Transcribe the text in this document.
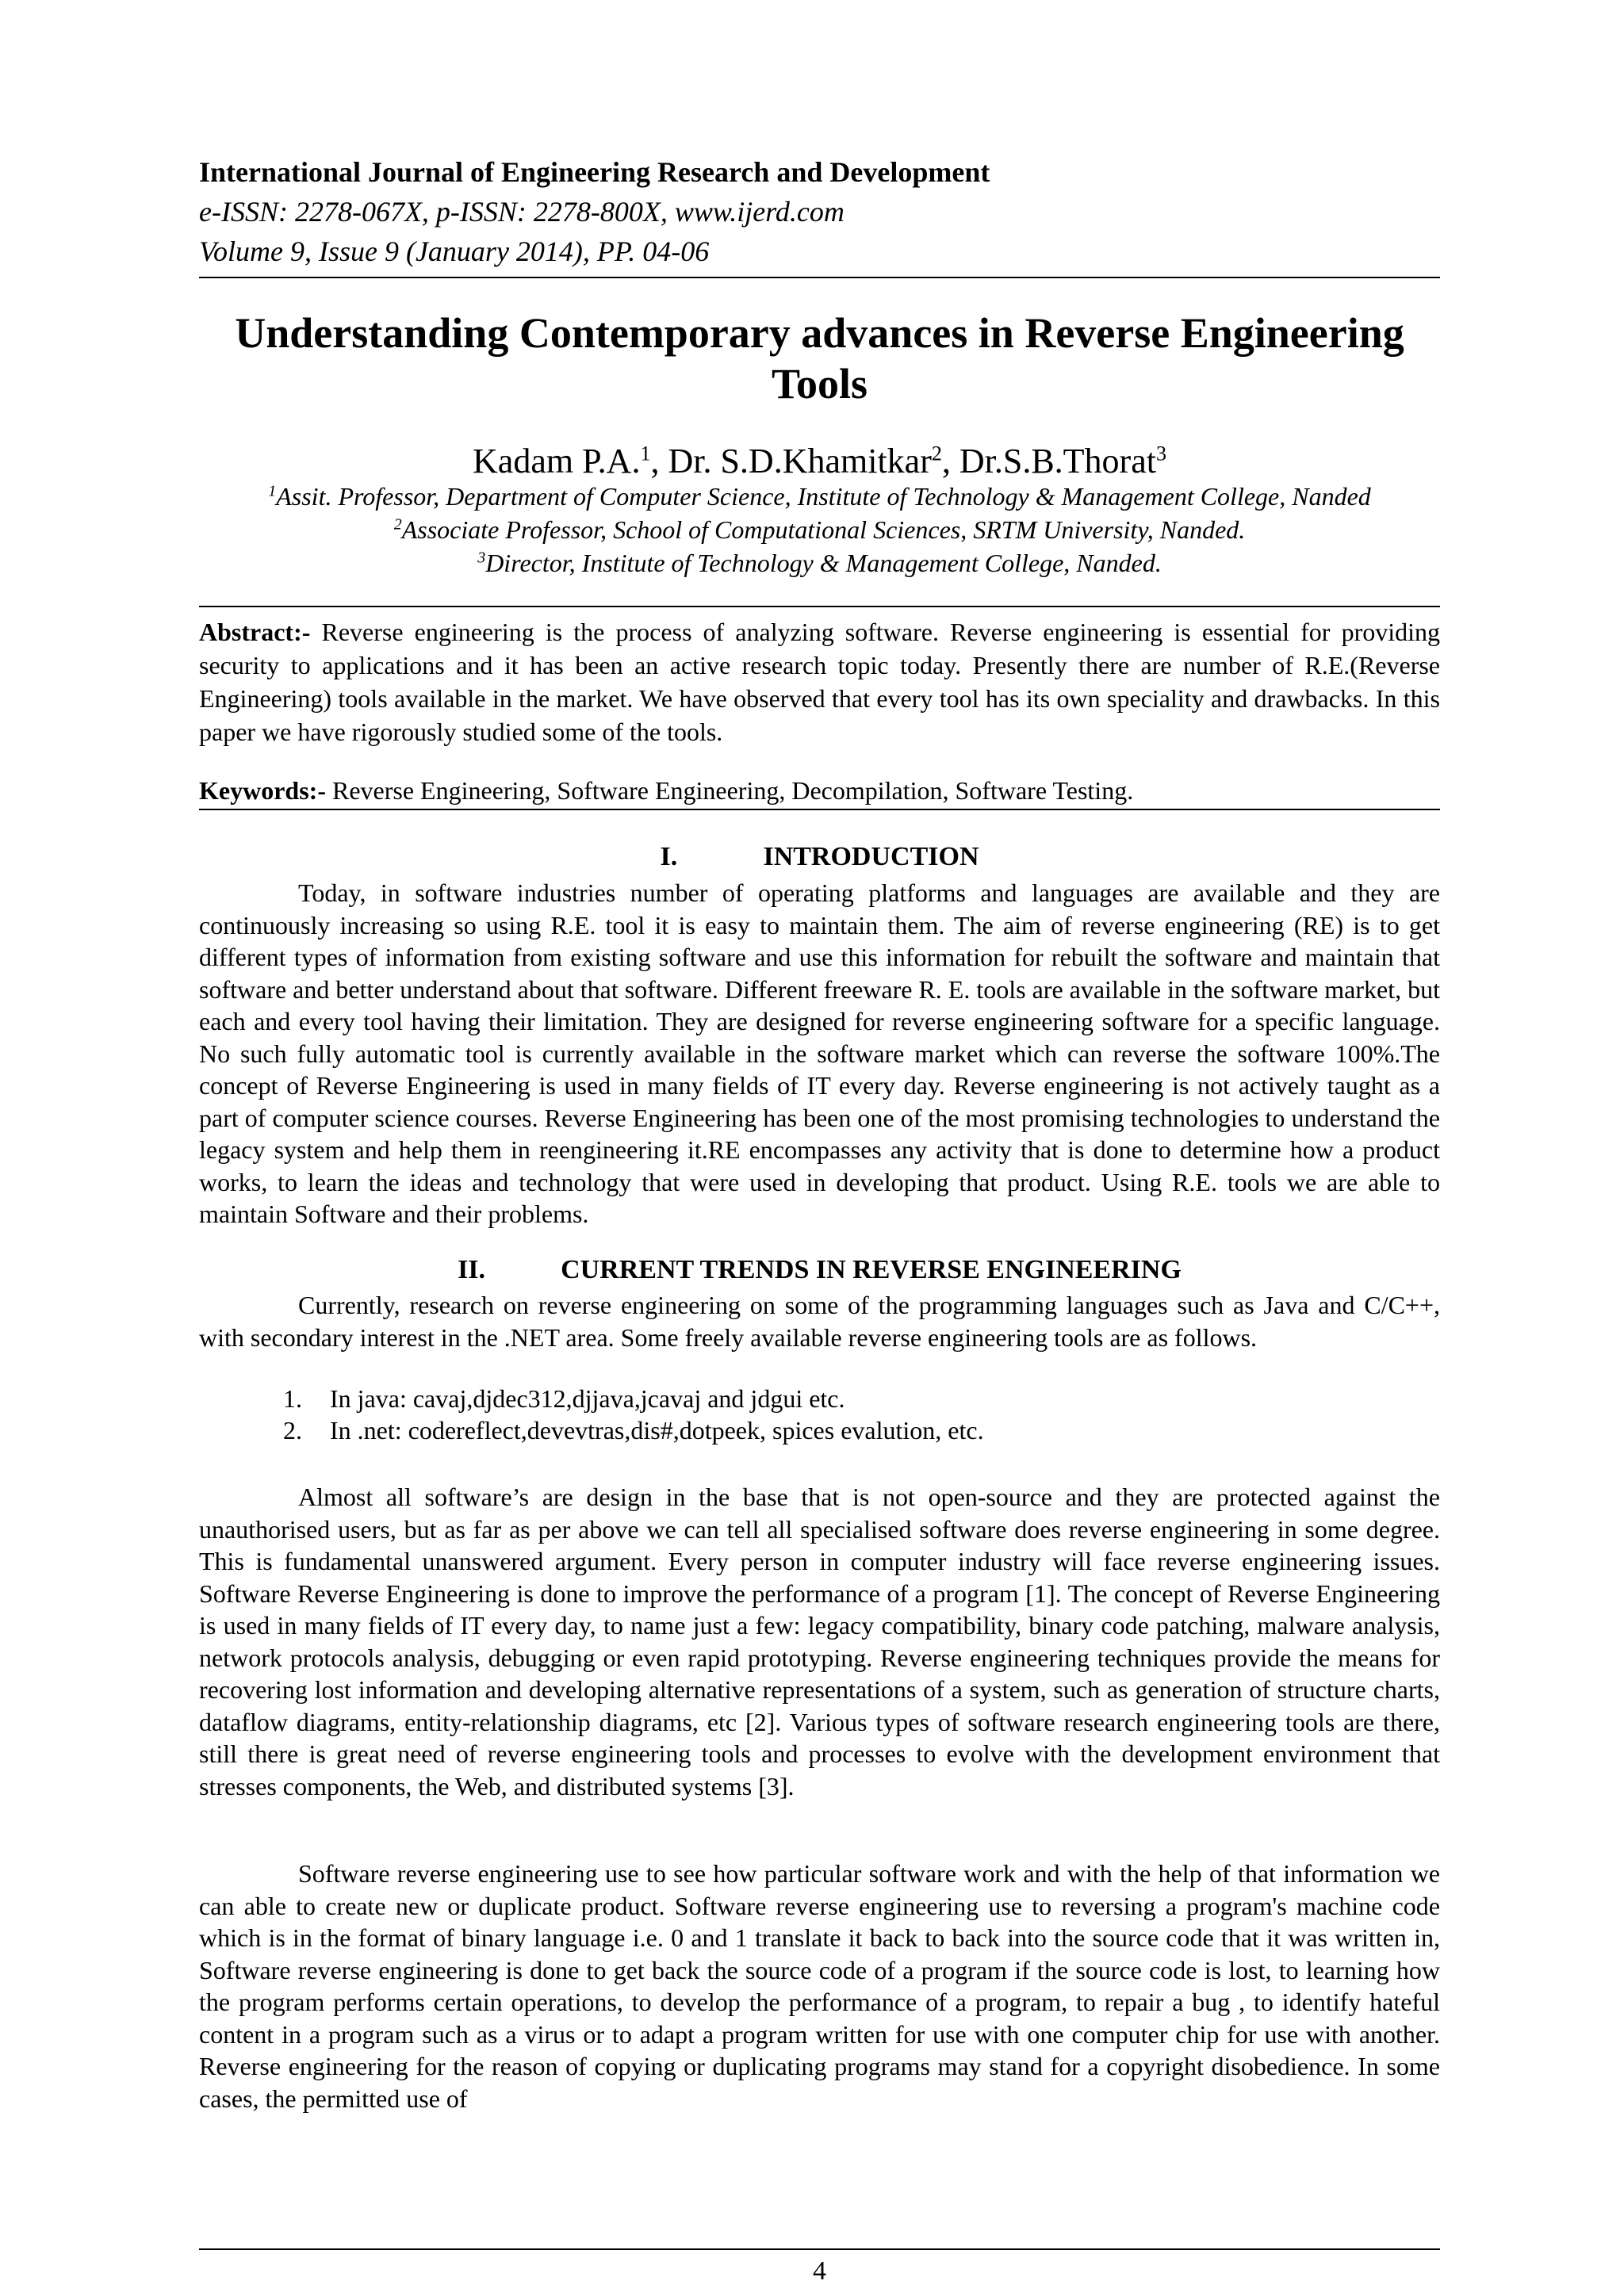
International Journal of Engineering Research and Development
e-ISSN: 2278-067X, p-ISSN: 2278-800X, www.ijerd.com
Volume 9, Issue 9 (January 2014), PP. 04-06
Understanding Contemporary advances in Reverse Engineering Tools
Kadam P.A.$^1$, Dr. S.D.Khamitkar$^2$, Dr.S.B.Thorat$^3$
$^1$Assit. Professor, Department of Computer Science, Institute of Technology & Management College, Nanded
$^2$Associate Professor, School of Computational Sciences, SRTM University, Nanded.
$^3$Director, Institute of Technology & Management College, Nanded.
Abstract:- Reverse engineering is the process of analyzing software. Reverse engineering is essential for providing security to applications and it has been an active research topic today. Presently there are number of R.E.(Reverse Engineering) tools available in the market. We have observed that every tool has its own speciality and drawbacks. In this paper we have rigorously studied some of the tools.
Keywords:- Reverse Engineering, Software Engineering, Decompilation, Software Testing.
I.	INTRODUCTION
Today, in software industries number of operating platforms and languages are available and they are continuously increasing so using R.E. tool it is easy to maintain them. The aim of reverse engineering (RE) is to get different types of information from existing software and use this information for rebuilt the software and maintain that software and better understand about that software. Different freeware R. E. tools are available in the software market, but each and every tool having their limitation. They are designed for reverse engineering software for a specific language. No such fully automatic tool is currently available in the software market which can reverse the software 100%.The concept of Reverse Engineering is used in many fields of IT every day. Reverse engineering is not actively taught as a part of computer science courses. Reverse Engineering has been one of the most promising technologies to understand the legacy system and help them in reengineering it.RE encompasses any activity that is done to determine how a product works, to learn the ideas and technology that were used in developing that product. Using R.E. tools we are able to maintain Software and their problems.
II.	CURRENT TRENDS IN REVERSE ENGINEERING
Currently, research on reverse engineering on some of the programming languages such as Java and C/C++, with secondary interest in the .NET area. Some freely available reverse engineering tools are as follows.
1. In java: cavaj,djdec312,djjava,jcavaj and jdgui etc.
2. In .net: codereflect,devevtras,dis#,dotpeek, spices evalution, etc.
Almost all software’s are design in the base that is not open-source and they are protected against the unauthorised users, but as far as per above we can tell all specialised software does reverse engineering in some degree. This is fundamental unanswered argument. Every person in computer industry will face reverse engineering issues. Software Reverse Engineering is done to improve the performance of a program [1]. The concept of Reverse Engineering is used in many fields of IT every day, to name just a few: legacy compatibility, binary code patching, malware analysis, network protocols analysis, debugging or even rapid prototyping. Reverse engineering techniques provide the means for recovering lost information and developing alternative representations of a system, such as generation of structure charts, dataflow diagrams, entity-relationship diagrams, etc [2]. Various types of software research engineering tools are there, still there is great need of reverse engineering tools and processes to evolve with the development environment that stresses components, the Web, and distributed systems [3].
Software reverse engineering use to see how particular software work and with the help of that information we can able to create new or duplicate product. Software reverse engineering use to reversing a program's machine code which is in the format of binary language i.e. 0 and 1 translate it back to back into the source code that it was written in, Software reverse engineering is done to get back the source code of a program if the source code is lost, to learning how the program performs certain operations, to develop the performance of a program, to repair a bug , to identify hateful content in a program such as a virus or to adapt a program written for use with one computer chip for use with another. Reverse engineering for the reason of copying or duplicating programs may stand for a copyright disobedience. In some cases, the permitted use of
4
